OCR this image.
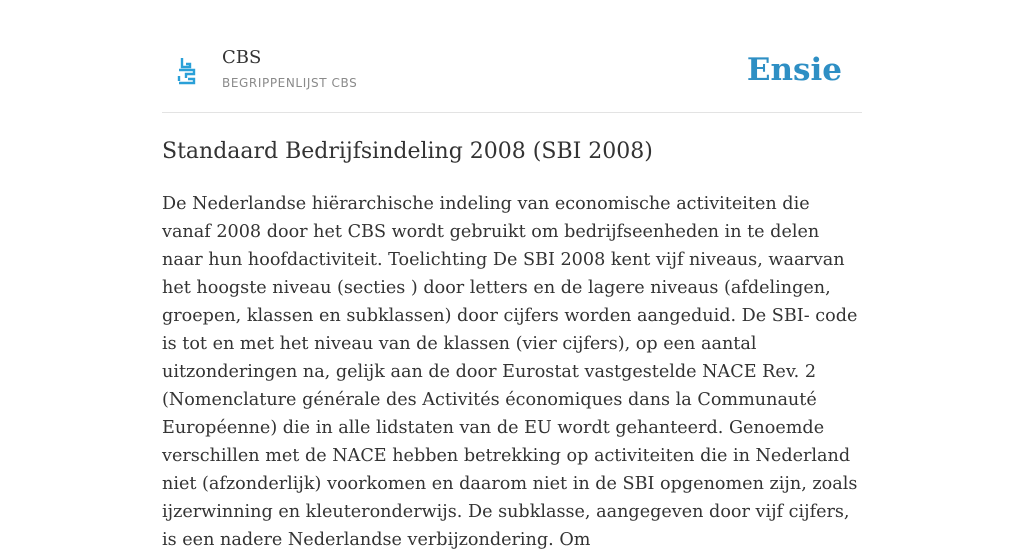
CBS
BEGRIPPENLIJST CBS	Ensie
Standaard Bedrijfsindeling 2008 (SBI 2008)

De Nederlandse hiërarchische indeling van economische activiteiten die vanaf 2008 door het CBS wordt gebruikt om bedrijfseenheden in te delen naar hun hoofdactiviteit. Toelichting De SBI 2008 kent vijf niveaus, waarvan het hoogste niveau (secties ) door letters en de lagere niveaus (afdelingen, groepen, klassen en subklassen) door cijfers worden aangeduid. De SBI- code is tot en met het niveau van de klassen (vier cijfers), op een aantal uitzonderingen na, gelijk aan de door Eurostat vastgestelde NACE Rev. 2 (Nomenclature générale des Activités économiques dans la Communauté Européenne) die in alle lidstaten van de EU wordt gehanteerd. Genoemde verschillen met de NACE hebben betrekking op activiteiten die in Nederland niet (afzonderlijk) voorkomen en daarom niet in de SBI opgenomen zijn, zoals ijzerwinning en kleuteronderwijs. De subklasse, aangegeven door vijf cijfers, is een nadere Nederlandse verbijzondering. Om
